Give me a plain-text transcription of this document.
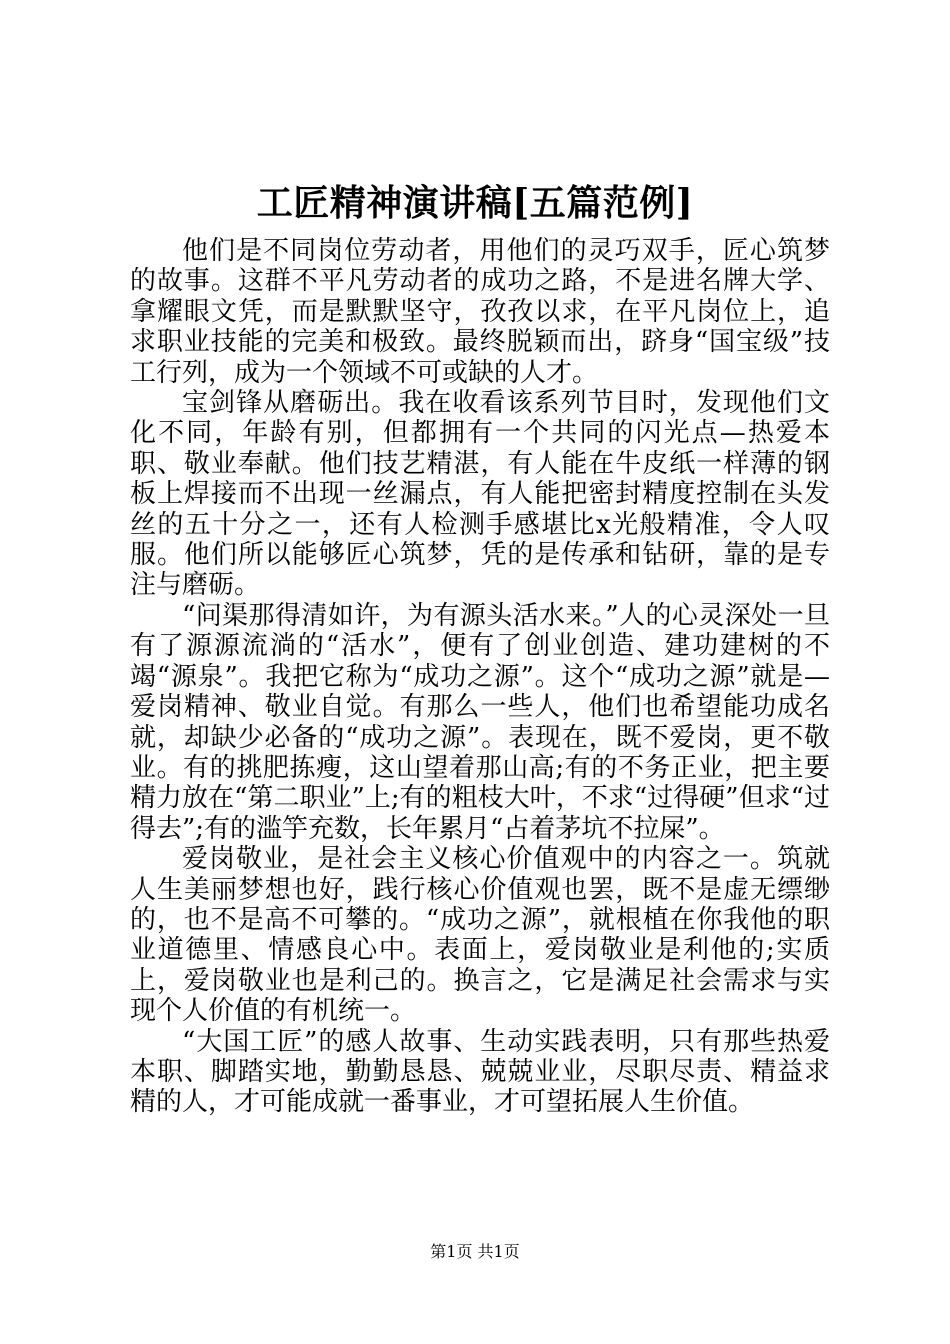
工匠精神演讲稿[五篇范例]

他们是不同岗位劳动者，用他们的灵巧双手，匠心筑梦的故事。这群不平凡劳动者的成功之路，不是进名牌大学、拿耀眼文凭，而是默默坚守，孜孜以求，在平凡岗位上，追求职业技能的完美和极致。最终脱颖而出，跻身“国宝级”技工行列，成为一个领域不可或缺的人才。

宝剑锋从磨砺出。我在收看该系列节目时，发现他们文化不同，年龄有别，但都拥有一个共同的闪光点—热爱本职、敬业奉献。他们技艺精湛，有人能在牛皮纸一样薄的钢板上焊接而不出现一丝漏点，有人能把密封精度控制在头发丝的五十分之一，还有人检测手感堪比x光般精准，令人叹服。他们所以能够匠心筑梦，凭的是传承和钻研，靠的是专注与磨砺。

“问渠那得清如许，为有源头活水来。”人的心灵深处一旦有了源源流淌的“活水”，便有了创业创造、建功建树的不竭“源泉”。我把它称为“成功之源”。这个“成功之源”就是—爱岗精神、敬业自觉。有那么一些人，他们也希望能功成名就，却缺少必备的“成功之源”。表现在，既不爱岗，更不敬业。有的挑肥拣瘦，这山望着那山高;有的不务正业，把主要精力放在“第二职业”上;有的粗枝大叶，不求“过得硬”但求“过得去”;有的滥竽充数，长年累月“占着茅坑不拉屎”。

爱岗敬业，是社会主义核心价值观中的内容之一。筑就人生美丽梦想也好，践行核心价值观也罢，既不是虚无缥缈的，也不是高不可攀的。“成功之源”，就根植在你我他的职业道德里、情感良心中。表面上，爱岗敬业是利他的;实质上，爱岗敬业也是利己的。换言之，它是满足社会需求与实现个人价值的有机统一。

“大国工匠”的感人故事、生动实践表明，只有那些热爱本职、脚踏实地，勤勤恳恳、兢兢业业，尽职尽责、精益求精的人，才可能成就一番事业，才可望拓展人生价值。

第1页 共1页
